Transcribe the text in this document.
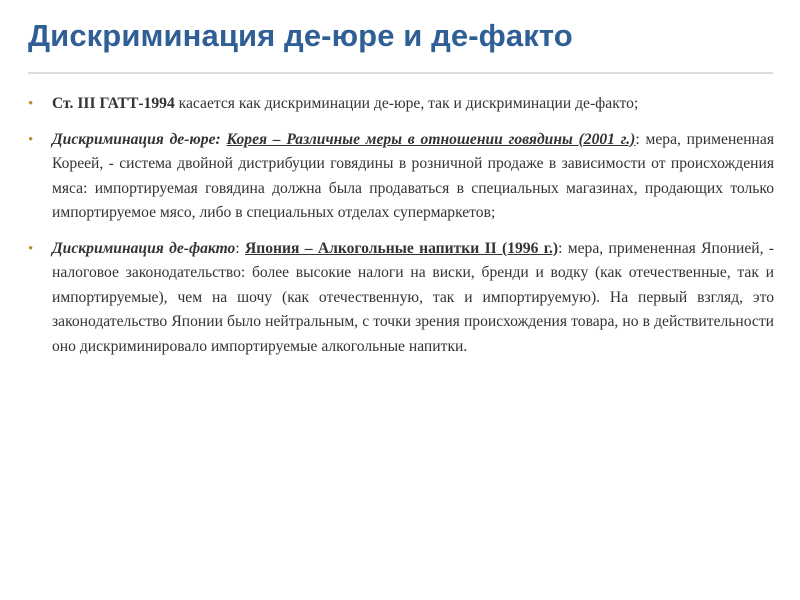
Дискриминация де-юре и де-факто
• Ст. III ГАТТ-1994 касается как дискриминации де-юре, так и дискриминации де-факто;
• Дискриминация де-юре: Корея – Различные меры в отношении говядины (2001 г.): мера, примененная Кореей, - система двойной дистрибуции говядины в розничной продаже в зависимости от происхождения мяса: импортируемая говядина должна была продаваться в специальных магазинах, продающих только импортируемое мясо, либо в специальных отделах супермаркетов;
• Дискриминация де-факто: Япония – Алкогольные напитки II (1996 г.): мера, примененная Японией, - налоговое законодательство: более высокие налоги на виски, бренди и водку (как отечественные, так и импортируемые), чем на шочу (как отечественную, так и импортируемую). На первый взгляд, это законодательство Японии было нейтральным, с точки зрения происхождения товара, но в действительности оно дискриминировало импортируемые алкогольные напитки.
